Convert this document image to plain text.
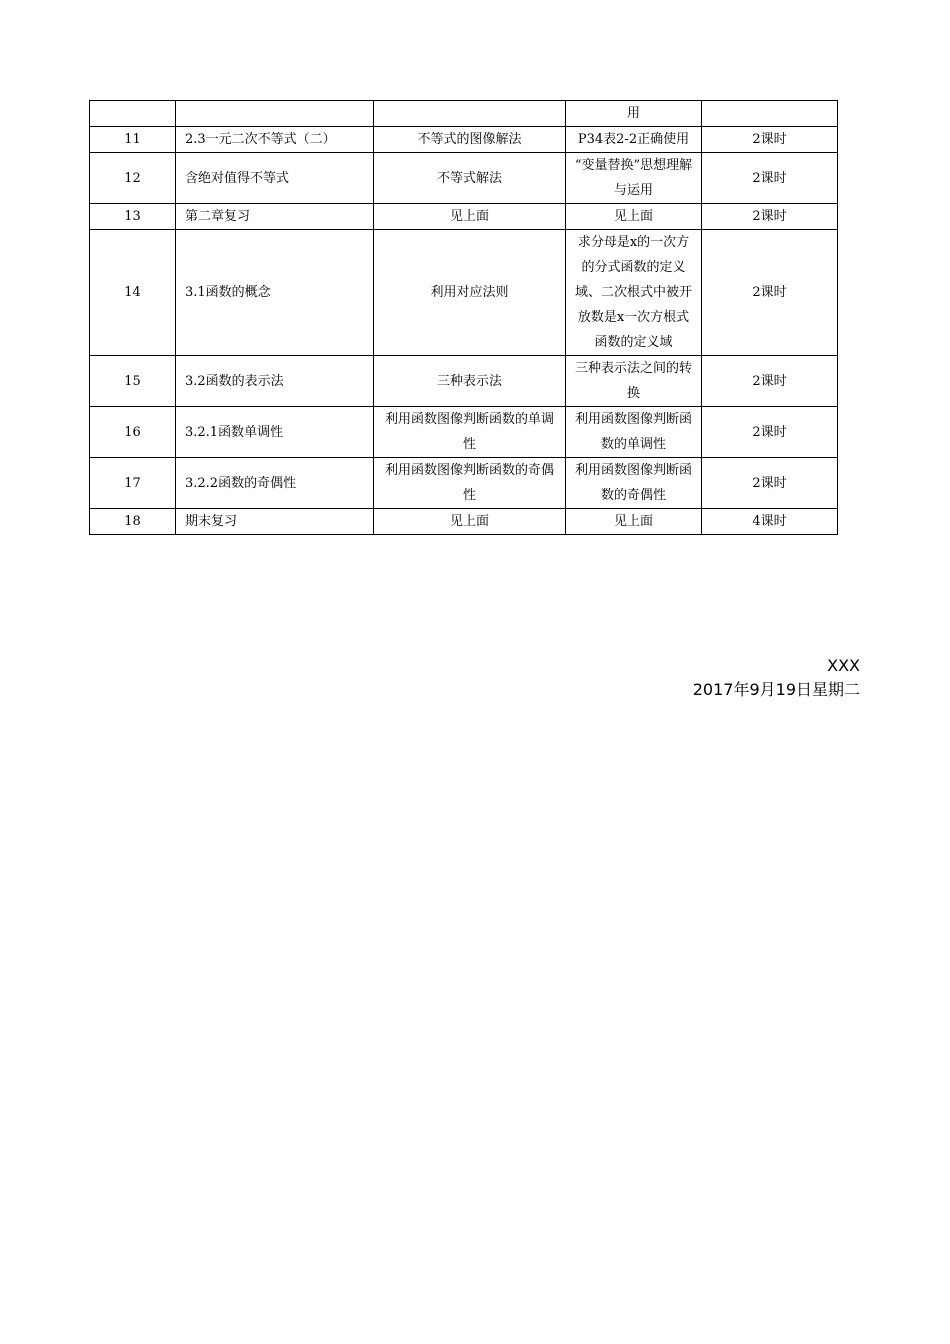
			用	
11	2.3一元二次不等式（二）	不等式的图像解法	P34表2-2正确使用	2课时
12	含绝对值得不等式	不等式解法	“变量替换”思想理解与运用	2课时
13	第二章复习	见上面	见上面	2课时
14	3.1函数的概念	利用对应法则	求分母是x的一次方的分式函数的定义域、二次根式中被开放数是x一次方根式函数的定义域	2课时
15	3.2函数的表示法	三种表示法	三种表示法之间的转换	2课时
16	3.2.1函数单调性	利用函数图像判断函数的单调性	利用函数图像判断函数的单调性	2课时
17	3.2.2函数的奇偶性	利用函数图像判断函数的奇偶性	利用函数图像判断函数的奇偶性	2课时
18	期末复习	见上面	见上面	4课时
XXX
2017年9月19日星期二
